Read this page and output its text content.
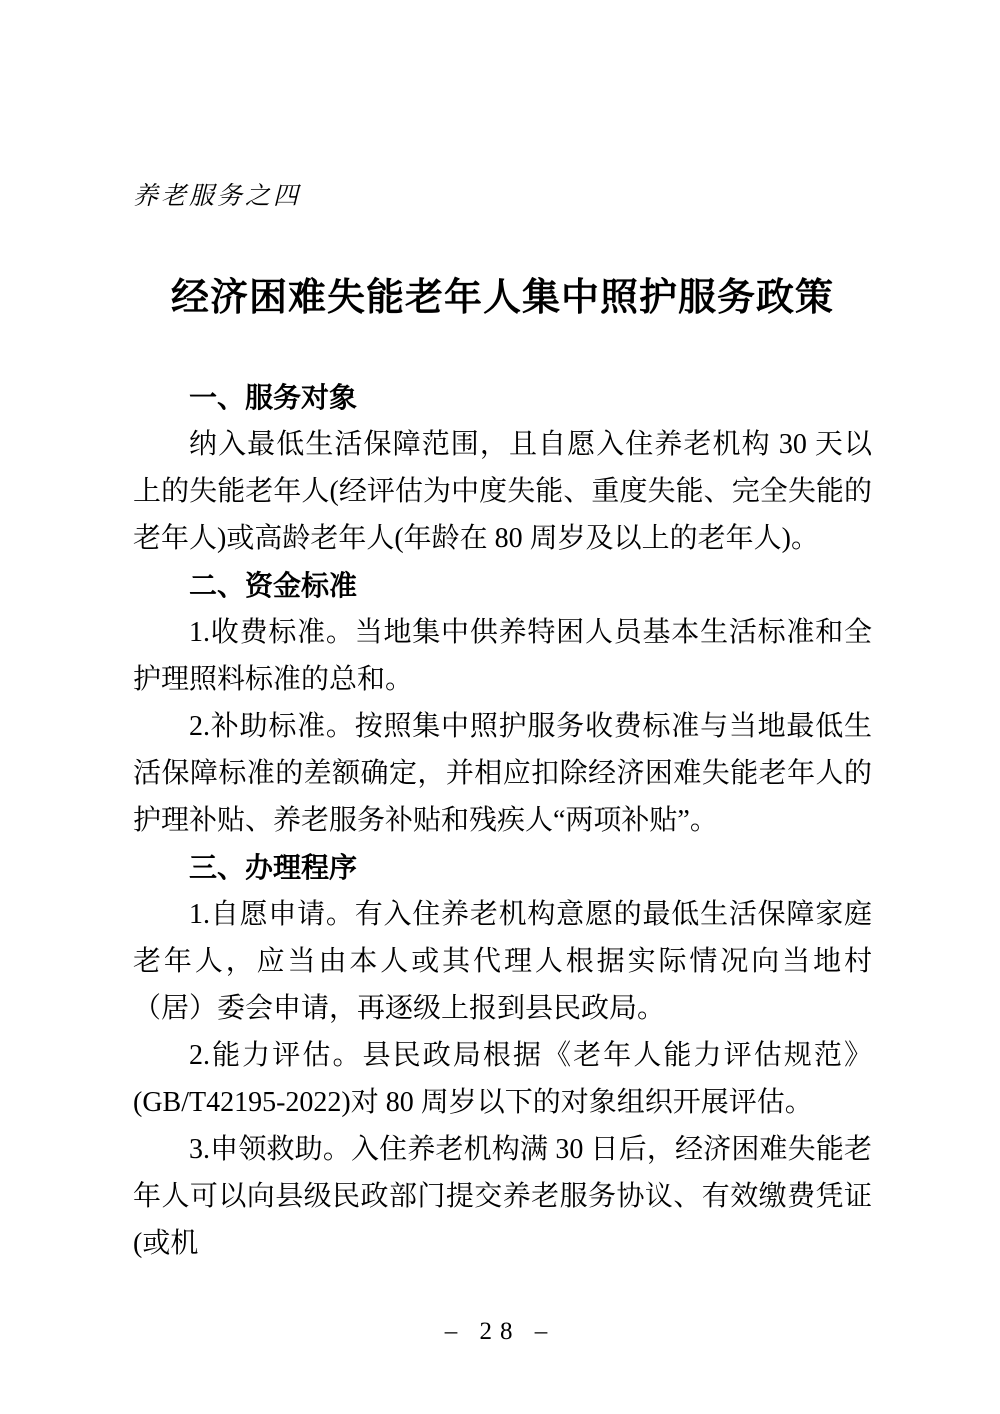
养老服务之四
经济困难失能老年人集中照护服务政策
一、服务对象

纳入最低生活保障范围，且自愿入住养老机构 30 天以上的失能老年人(经评估为中度失能、重度失能、完全失能的老年人)或高龄老年人(年龄在 80 周岁及以上的老年人)。

二、资金标准

1.收费标准。当地集中供养特困人员基本生活标准和全护理照料标准的总和。

2.补助标准。按照集中照护服务收费标准与当地最低生活保障标准的差额确定，并相应扣除经济困难失能老年人的护理补贴、养老服务补贴和残疾人“两项补贴”。

三、办理程序

1.自愿申请。有入住养老机构意愿的最低生活保障家庭老年人，应当由本人或其代理人根据实际情况向当地村（居）委会申请，再逐级上报到县民政局。

2.能力评估。县民政局根据《老年人能力评估规范》(GB/T42195-2022)对 80 周岁以下的对象组织开展评估。

3.申领救助。入住养老机构满 30 日后，经济困难失能老年人可以向县级民政部门提交养老服务协议、有效缴费凭证(或机

– 28 –
